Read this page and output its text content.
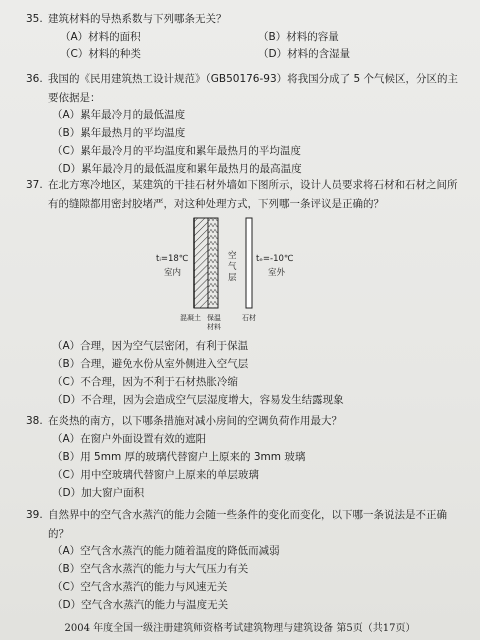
35. 建筑材料的导热系数与下列哪条无关？
（A）材料的面积	（B）材料的容量
（C）材料的种类	（D）材料的含湿量
36. 我国的《民用建筑热工设计规范》（GB50176-93）将我国分成了 5 个气候区，分区的主要依据是：
（A）累年最冷月的最低温度
（B）累年最热月的平均温度
（C）累年最冷月的平均温度和累年最热月的平均温度
（D）累年最冷月的最低温度和累年最热月的最高温度
37. 在北方寒冷地区，某建筑的干挂石材外墙如下图所示，设计人员要求将石材和石材之间所有的缝隙都用密封胶堵严，对这种处理方式，下列哪一条评议是正确的？
tᵢ=18℃
室内
空
气
层
tₑ=-10℃
室外
混凝土 保温
材料
石材
（A）合理，因为空气层密闭，有利于保温
（B）合理，避免水份从室外侧进入空气层
（C）不合理，因为不利于石材热胀冷缩
（D）不合理，因为会造成空气层湿度增大，容易发生结露现象
38. 在炎热的南方，以下哪条措施对减小房间的空调负荷作用最大？
（A）在窗户外面设置有效的遮阳
（B）用 5mm 厚的玻璃代替窗户上原来的 3mm 玻璃
（C）用中空玻璃代替窗户上原来的单层玻璃
（D）加大窗户面积
39. 自然界中的空气含水蒸汽的能力会随一些条件的变化而变化，以下哪一条说法是不正确的？
（A）空气含水蒸汽的能力随着温度的降低而减弱
（B）空气含水蒸汽的能力与大气压力有关
（C）空气含水蒸汽的能力与风速无关
（D）空气含水蒸汽的能力与温度无关
2004 年度全国一级注册建筑师资格考试建筑物理与建筑设备 第5页（共17页）
